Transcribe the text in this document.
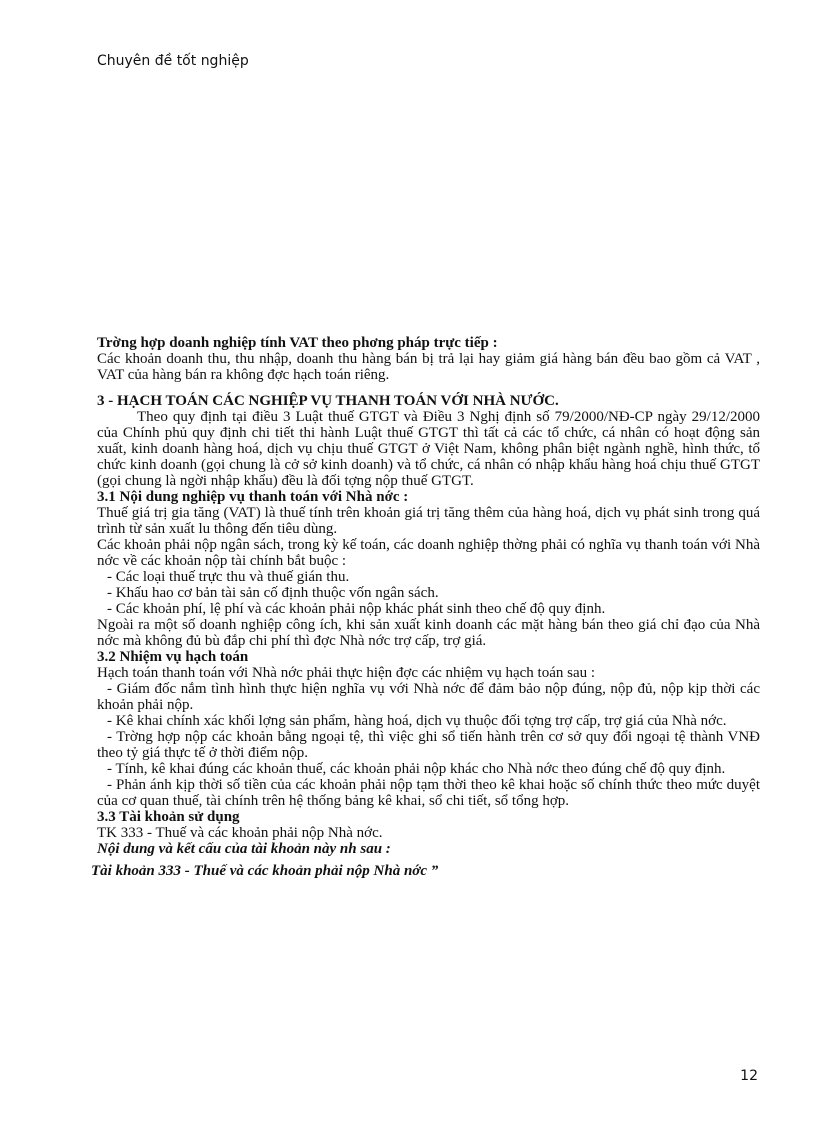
Chuyên đề tốt nghiệp

Trờng hợp doanh nghiệp tính VAT theo phơng pháp trực tiếp :

Các khoản doanh thu, thu nhập, doanh thu hàng bán bị trả lại hay giảm giá hàng bán đều bao gồm cả VAT , VAT của hàng bán ra không đợc hạch toán riêng.

3 - HẠCH TOÁN CÁC NGHIỆP VỤ THANH TOÁN VỚI NHÀ NƯỚC.

Theo quy định tại điều 3 Luật thuế GTGT và Điều 3 Nghị định số 79/2000/NĐ-CP ngày 29/12/2000 của Chính phủ quy định chi tiết thi hành Luật thuế GTGT thì tất cả các tổ chức, cá nhân có hoạt động sản xuất, kinh doanh hàng hoá, dịch vụ chịu thuế GTGT ở Việt Nam, không phân biệt ngành nghề, hình thức, tổ chức kinh doanh (gọi chung là cở sở kinh doanh) và tổ chức, cá nhân có nhập khẩu hàng hoá chịu thuế GTGT (gọi chung là ngời nhập khẩu) đều là đối tợng nộp thuế GTGT.

3.1 Nội dung nghiệp vụ thanh toán với Nhà nớc :

Thuế giá trị gia tăng (VAT) là thuế tính trên khoản giá trị tăng thêm của hàng hoá, dịch vụ phát sinh trong quá trình từ sản xuất lu thông đến tiêu dùng.

Các khoản phải nộp ngân sách, trong kỳ kế toán, các doanh nghiệp thờng phải có nghĩa vụ thanh toán với Nhà nớc về các khoản nộp tài chính bắt buộc :

- Các loại thuế trực thu và thuế gián thu.

- Khấu hao cơ bản tài sản cố định thuộc vốn ngân sách.

- Các khoản phí, lệ phí và các khoản phải nộp khác phát sinh theo chế độ quy định.

Ngoài ra một số doanh nghiệp công ích, khi sản xuất kinh doanh các mặt hàng bán theo giá chỉ đạo của Nhà nớc mà không đủ bù đắp chi phí thì đợc Nhà nớc trợ cấp, trợ giá.

3.2 Nhiệm vụ hạch toán

Hạch toán thanh toán với Nhà nớc phải thực hiện đợc các nhiệm vụ hạch toán sau :

- Giám đốc nắm tình hình thực hiện nghĩa vụ với Nhà nớc để đảm bảo nộp đúng, nộp đủ, nộp kịp thời các khoản phải nộp.

- Kê khai chính xác khối lợng sản phẩm, hàng hoá, dịch vụ thuộc đối tợng trợ cấp, trợ giá của Nhà nớc.

- Trờng hợp nộp các khoản bằng ngoại tệ, thì việc ghi sổ tiến hành trên cơ sở quy đổi ngoại tệ thành VNĐ theo tỷ giá thực tế ở thời điểm nộp.

- Tính, kê khai đúng các khoản thuế, các khoản phải nộp khác cho Nhà nớc theo đúng chế độ quy định.

- Phản ánh kịp thời số tiền của các khoản phải nộp tạm thời theo kê khai hoặc số chính thức theo mức duyệt của cơ quan thuế, tài chính trên hệ thống bảng kê khai, sổ chi tiết, sổ tổng hợp.

3.3 Tài khoản sử dụng

TK 333 - Thuế và các khoản phải nộp Nhà nớc.

Nội dung và kết cấu của tài khoản này nh sau :

Tài khoản 333 - Thuế và các khoản phải nộp Nhà nớc ”

12
